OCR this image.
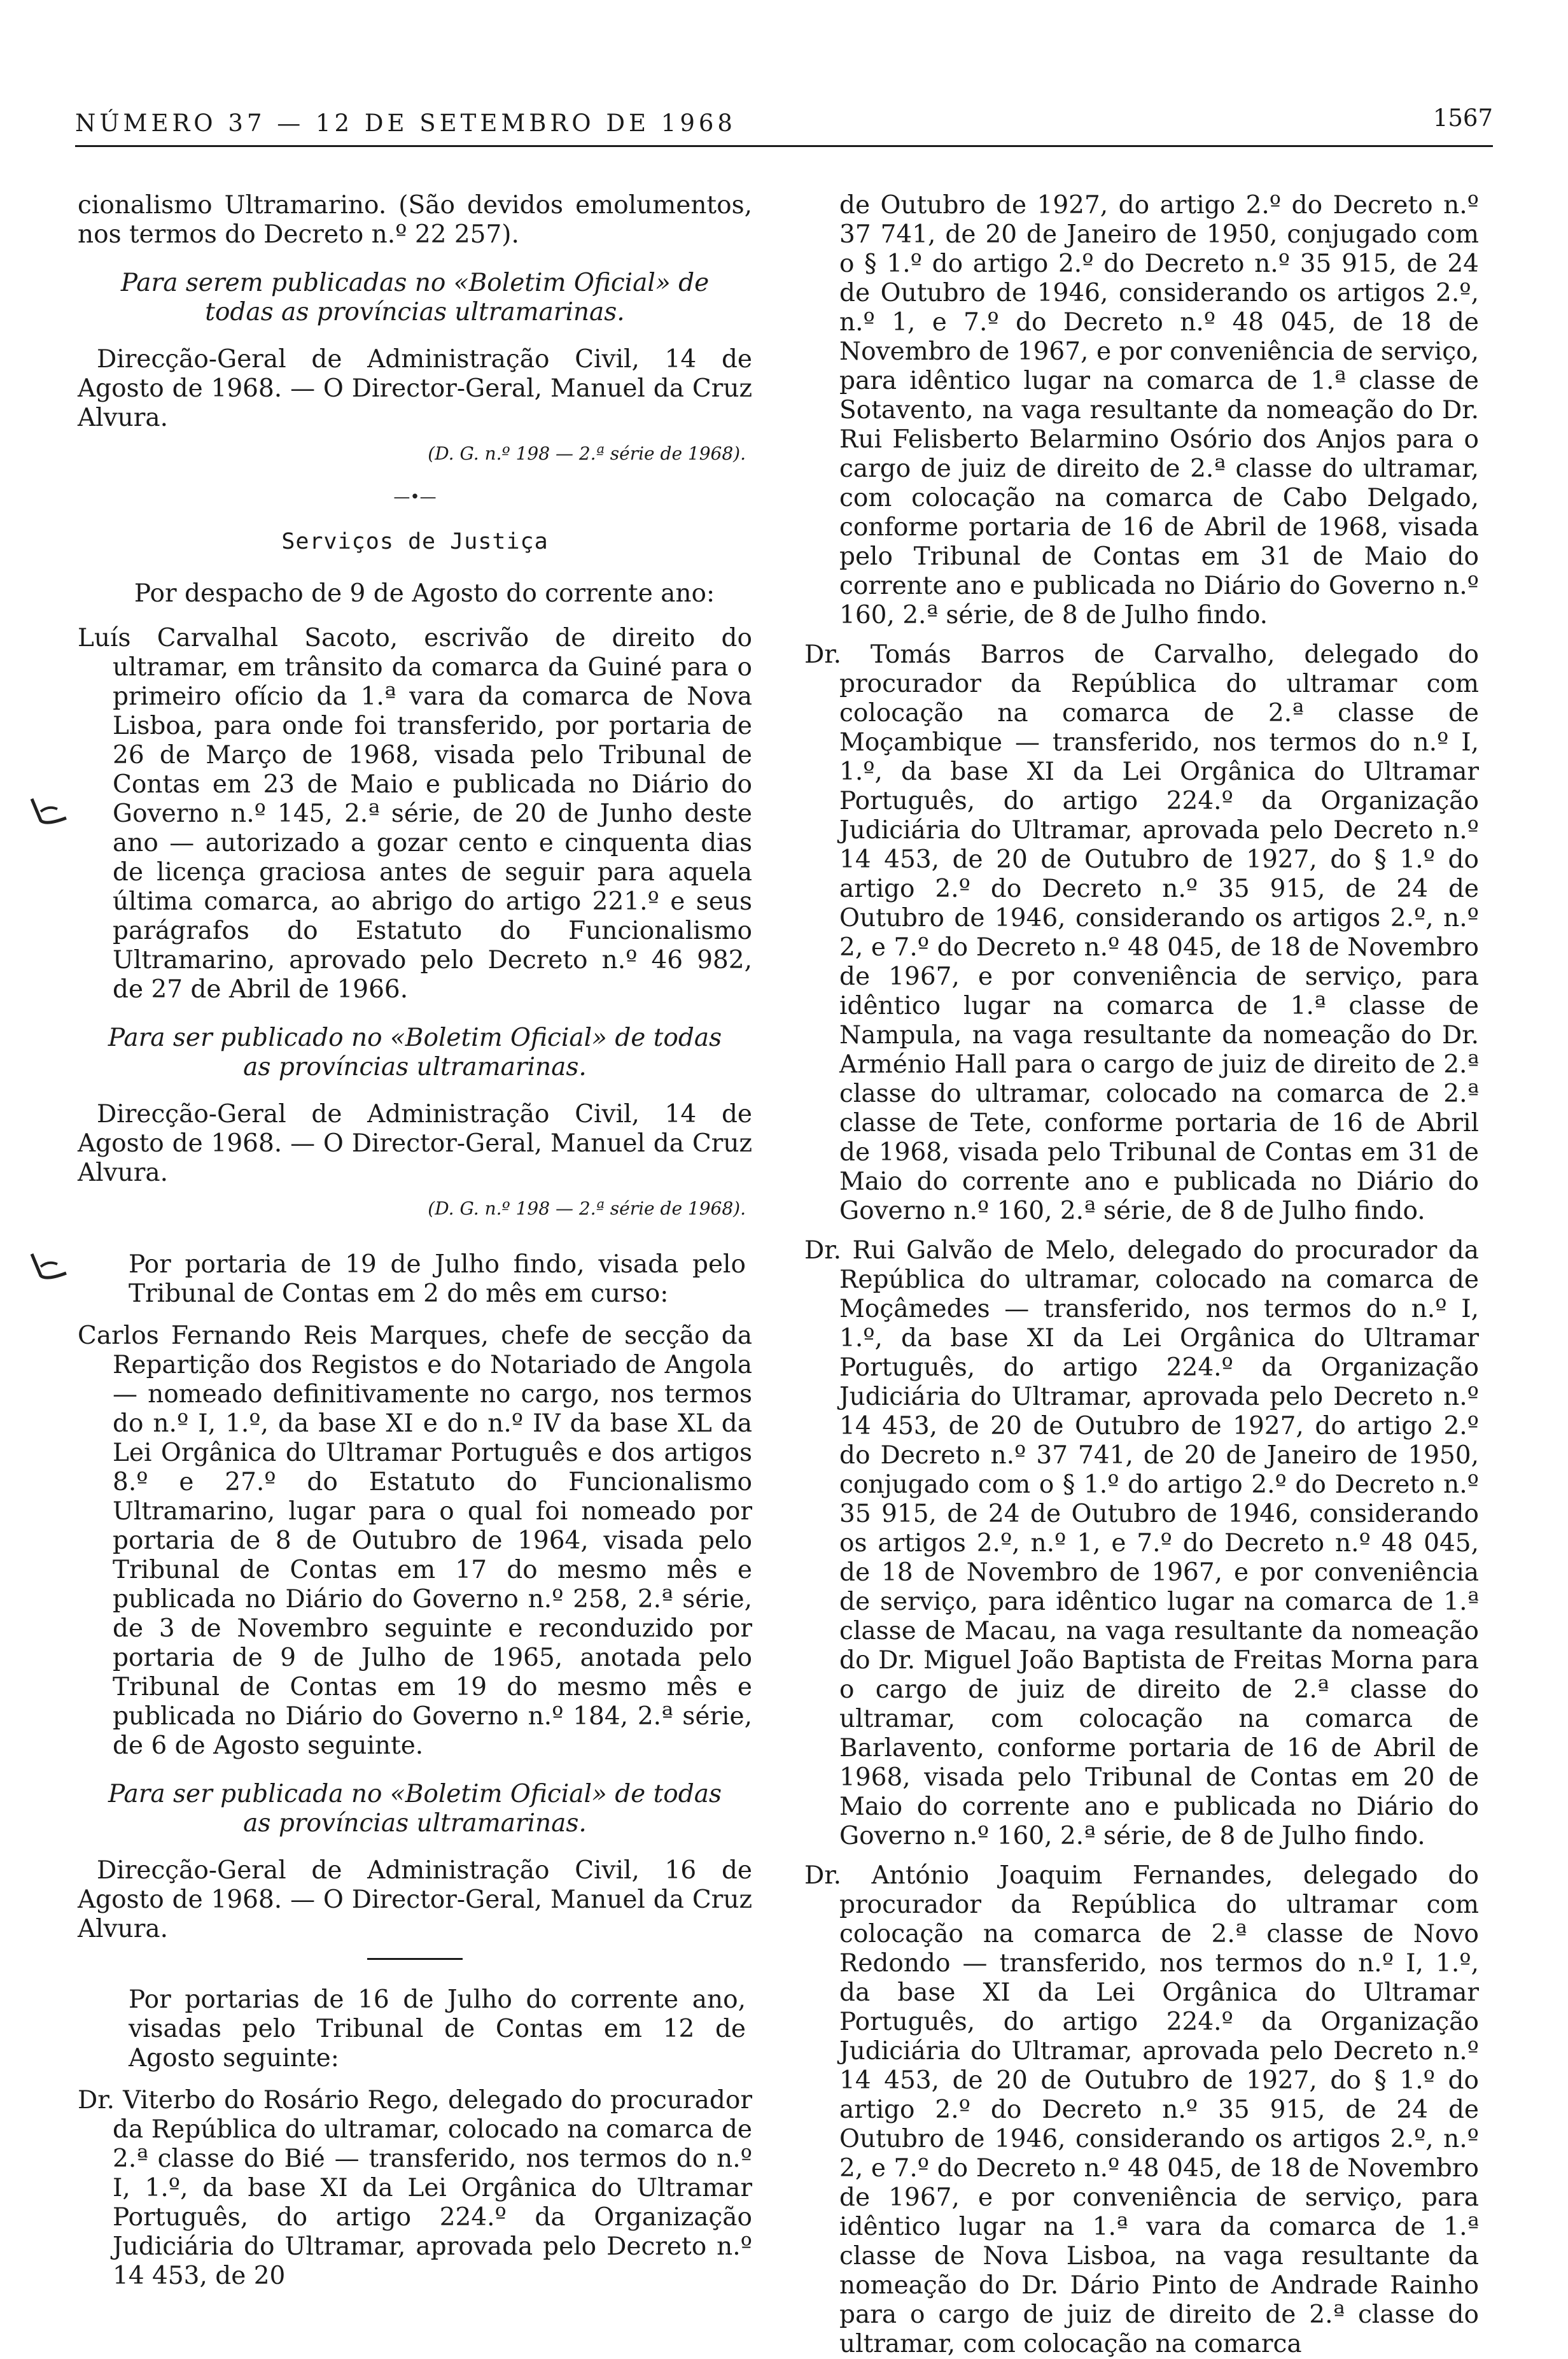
NÚMERO 37 — 12 DE SETEMBRO DE 1968	1567

cionalismo Ultramarino. (São devidos emolumentos, nos termos do Decreto n.º 22 257).

Para serem publicadas no «Boletim Oficial» de todas as províncias ultramarinas.

Direcção-Geral de Administração Civil, 14 de Agosto de 1968. — O Director-Geral, Manuel da Cruz Alvura.

(D. G. n.º 198 — 2.ª série de 1968).

—•—

Serviços de Justiça

Por despacho de 9 de Agosto do corrente ano:

Luís Carvalhal Sacoto, escrivão de direito do ultramar, em trânsito da comarca da Guiné para o primeiro ofício da 1.ª vara da comarca de Nova Lisboa, para onde foi transferido, por portaria de 26 de Março de 1968, visada pelo Tribunal de Contas em 23 de Maio e publicada no Diário do Governo n.º 145, 2.ª série, de 20 de Junho deste ano — autorizado a gozar cento e cinquenta dias de licença graciosa antes de seguir para aquela última comarca, ao abrigo do artigo 221.º e seus parágrafos do Estatuto do Funcionalismo Ultramarino, aprovado pelo Decreto n.º 46 982, de 27 de Abril de 1966.

Para ser publicado no «Boletim Oficial» de todas as províncias ultramarinas.

Direcção-Geral de Administração Civil, 14 de Agosto de 1968. — O Director-Geral, Manuel da Cruz Alvura.

(D. G. n.º 198 — 2.ª série de 1968).

Por portaria de 19 de Julho findo, visada pelo Tribunal de Contas em 2 do mês em curso:

Carlos Fernando Reis Marques, chefe de secção da Repartição dos Registos e do Notariado de Angola — nomeado definitivamente no cargo, nos termos do n.º I, 1.º, da base XI e do n.º IV da base XL da Lei Orgânica do Ultramar Português e dos artigos 8.º e 27.º do Estatuto do Funcionalismo Ultramarino, lugar para o qual foi nomeado por portaria de 8 de Outubro de 1964, visada pelo Tribunal de Contas em 17 do mesmo mês e publicada no Diário do Governo n.º 258, 2.ª série, de 3 de Novembro seguinte e reconduzido por portaria de 9 de Julho de 1965, anotada pelo Tribunal de Contas em 19 do mesmo mês e publicada no Diário do Governo n.º 184, 2.ª série, de 6 de Agosto seguinte.

Para ser publicada no «Boletim Oficial» de todas as províncias ultramarinas.

Direcção-Geral de Administração Civil, 16 de Agosto de 1968. — O Director-Geral, Manuel da Cruz Alvura.

Por portarias de 16 de Julho do corrente ano, visadas pelo Tribunal de Contas em 12 de Agosto seguinte:

Dr. Viterbo do Rosário Rego, delegado do procurador da República do ultramar, colocado na comarca de 2.ª classe do Bié — transferido, nos termos do n.º I, 1.º, da base XI da Lei Orgânica do Ultramar Português, do artigo 224.º da Organização Judiciária do Ultramar, aprovada pelo Decreto n.º 14 453, de 20

de Outubro de 1927, do artigo 2.º do Decreto n.º 37 741, de 20 de Janeiro de 1950, conjugado com o § 1.º do artigo 2.º do Decreto n.º 35 915, de 24 de Outubro de 1946, considerando os artigos 2.º, n.º 1, e 7.º do Decreto n.º 48 045, de 18 de Novembro de 1967, e por conveniência de serviço, para idêntico lugar na comarca de 1.ª classe de Sotavento, na vaga resultante da nomeação do Dr. Rui Felisberto Belarmino Osório dos Anjos para o cargo de juiz de direito de 2.ª classe do ultramar, com colocação na comarca de Cabo Delgado, conforme portaria de 16 de Abril de 1968, visada pelo Tribunal de Contas em 31 de Maio do corrente ano e publicada no Diário do Governo n.º 160, 2.ª série, de 8 de Julho findo.

Dr. Tomás Barros de Carvalho, delegado do procurador da República do ultramar com colocação na comarca de 2.ª classe de Moçambique — transferido, nos termos do n.º I, 1.º, da base XI da Lei Orgânica do Ultramar Português, do artigo 224.º da Organização Judiciária do Ultramar, aprovada pelo Decreto n.º 14 453, de 20 de Outubro de 1927, do § 1.º do artigo 2.º do Decreto n.º 35 915, de 24 de Outubro de 1946, considerando os artigos 2.º, n.º 2, e 7.º do Decreto n.º 48 045, de 18 de Novembro de 1967, e por conveniência de serviço, para idêntico lugar na comarca de 1.ª classe de Nampula, na vaga resultante da nomeação do Dr. Arménio Hall para o cargo de juiz de direito de 2.ª classe do ultramar, colocado na comarca de 2.ª classe de Tete, conforme portaria de 16 de Abril de 1968, visada pelo Tribunal de Contas em 31 de Maio do corrente ano e publicada no Diário do Governo n.º 160, 2.ª série, de 8 de Julho findo.

Dr. Rui Galvão de Melo, delegado do procurador da República do ultramar, colocado na comarca de Moçâmedes — transferido, nos termos do n.º I, 1.º, da base XI da Lei Orgânica do Ultramar Português, do artigo 224.º da Organização Judiciária do Ultramar, aprovada pelo Decreto n.º 14 453, de 20 de Outubro de 1927, do artigo 2.º do Decreto n.º 37 741, de 20 de Janeiro de 1950, conjugado com o § 1.º do artigo 2.º do Decreto n.º 35 915, de 24 de Outubro de 1946, considerando os artigos 2.º, n.º 1, e 7.º do Decreto n.º 48 045, de 18 de Novembro de 1967, e por conveniência de serviço, para idêntico lugar na comarca de 1.ª classe de Macau, na vaga resultante da nomeação do Dr. Miguel João Baptista de Freitas Morna para o cargo de juiz de direito de 2.ª classe do ultramar, com colocação na comarca de Barlavento, conforme portaria de 16 de Abril de 1968, visada pelo Tribunal de Contas em 20 de Maio do corrente ano e publicada no Diário do Governo n.º 160, 2.ª série, de 8 de Julho findo.

Dr. António Joaquim Fernandes, delegado do procurador da República do ultramar com colocação na comarca de 2.ª classe de Novo Redondo — transferido, nos termos do n.º I, 1.º, da base XI da Lei Orgânica do Ultramar Português, do artigo 224.º da Organização Judiciária do Ultramar, aprovada pelo Decreto n.º 14 453, de 20 de Outubro de 1927, do § 1.º do artigo 2.º do Decreto n.º 35 915, de 24 de Outubro de 1946, considerando os artigos 2.º, n.º 2, e 7.º do Decreto n.º 48 045, de 18 de Novembro de 1967, e por conveniência de serviço, para idêntico lugar na 1.ª vara da comarca de 1.ª classe de Nova Lisboa, na vaga resultante da nomeação do Dr. Dário Pinto de Andrade Rainho para o cargo de juiz de direito de 2.ª classe do ultramar, com colocação na comarca
